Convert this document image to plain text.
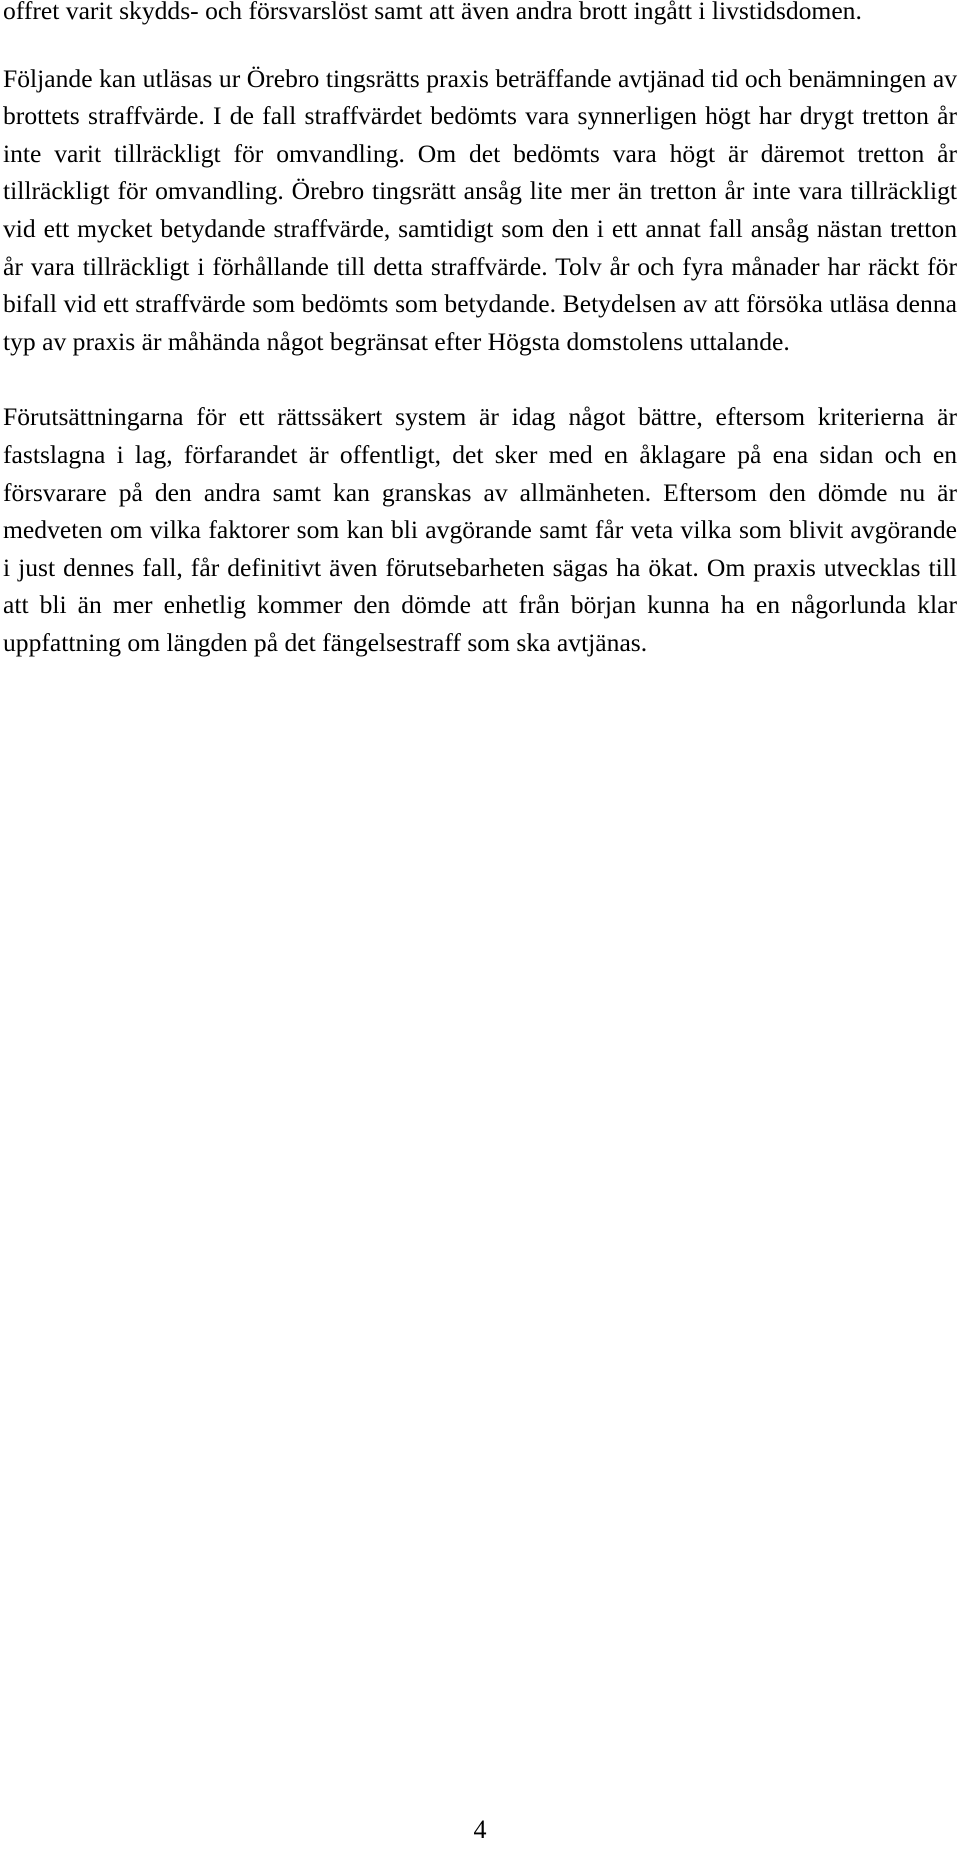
offret varit skydds- och försvarslöst samt att även andra brott ingått i livstidsdomen.

Följande kan utläsas ur Örebro tingsrätts praxis beträffande avtjänad tid och benämningen av brottets straffvärde. I de fall straffvärdet bedömts vara synnerligen högt har drygt tretton år inte varit tillräckligt för omvandling. Om det bedömts vara högt är däremot tretton år tillräckligt för omvandling. Örebro tingsrätt ansåg lite mer än tretton år inte vara tillräckligt vid ett mycket betydande straffvärde, samtidigt som den i ett annat fall ansåg nästan tretton år vara tillräckligt i förhållande till detta straffvärde. Tolv år och fyra månader har räckt för bifall vid ett straffvärde som bedömts som betydande. Betydelsen av att försöka utläsa denna typ av praxis är måhända något begränsat efter Högsta domstolens uttalande.

Förutsättningarna för ett rättssäkert system är idag något bättre, eftersom kriterierna är fastslagna i lag, förfarandet är offentligt, det sker med en åklagare på ena sidan och en försvarare på den andra samt kan granskas av allmänheten. Eftersom den dömde nu är medveten om vilka faktorer som kan bli avgörande samt får veta vilka som blivit avgörande i just dennes fall, får definitivt även förutsebarheten sägas ha ökat. Om praxis utvecklas till att bli än mer enhetlig kommer den dömde att från början kunna ha en någorlunda klar uppfattning om längden på det fängelsestraff som ska avtjänas.

4
